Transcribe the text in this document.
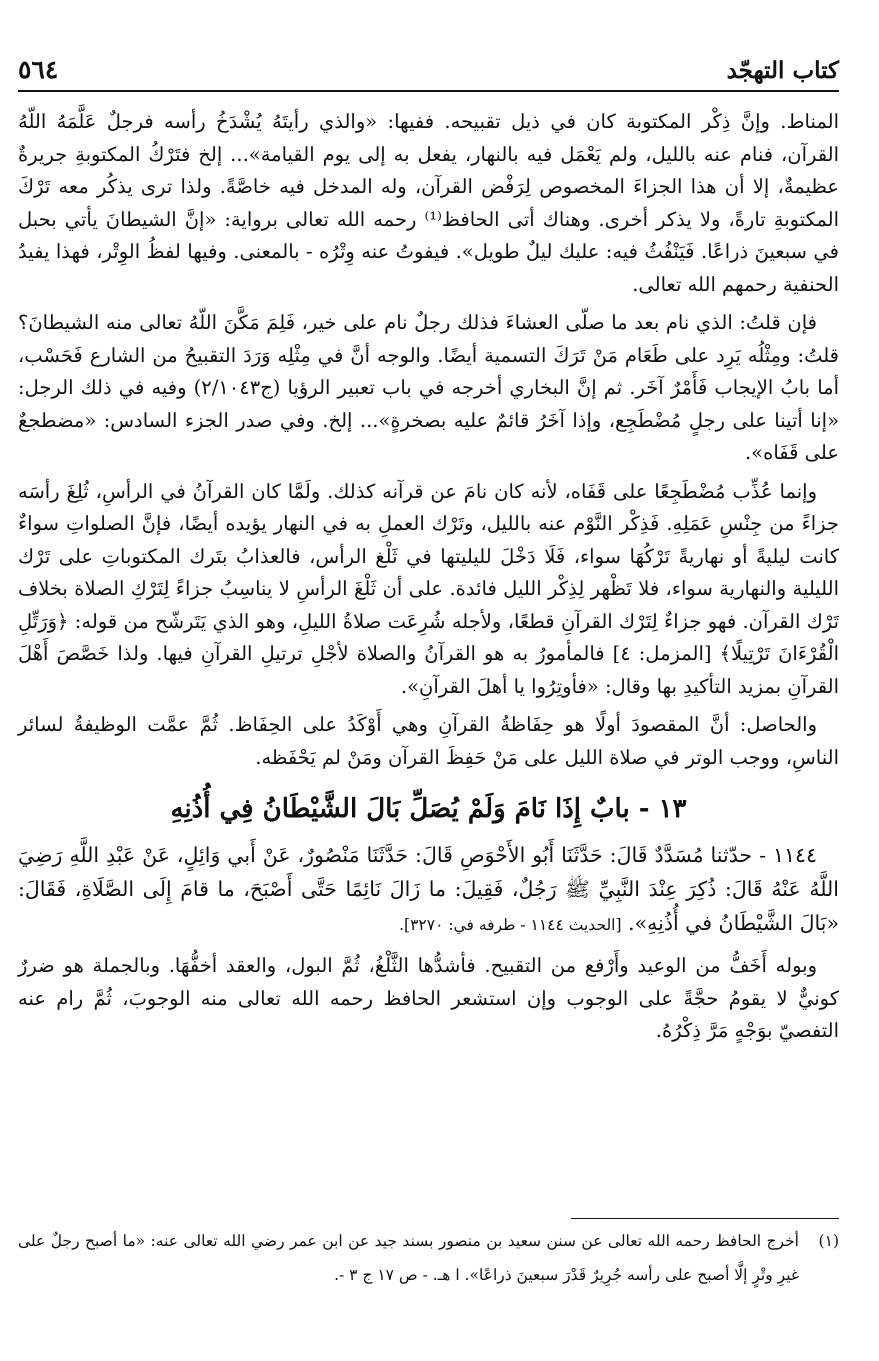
كتاب التهجّد
٥٦٤

المناط. وإنَّ ذِكْر المكتوبة كان في ذيل تقبيحه. ففيها: «والذي رأيتَهُ يُشْدَخُ رأسه فرجلٌ عَلَّمَهُ اللّهُ القرآن، فنام عنه بالليل، ولم يَعْمَل فيه بالنهار، يفعل به إلى يوم القيامة»... إلخ فتَرْكُ المكتوبةِ جريرةٌ عظيمةٌ، إلا أن هذا الجزاءَ المخصوص لِرَفْض القرآن، وله المدخل فيه خاصَّةً. ولذا ترى يذكُر معه تَرْكَ المكتوبةِ تارةً، ولا يذكر أخرى. وهناك أتى الحافظ⁽¹⁾ رحمه الله تعالى برواية: «إنَّ الشيطانَ يأتي بحبل في سبعينَ ذراعًا. فَيَنْفُثُ فيه: عليك ليلٌ طويل». فيفوتُ عنه وِتْرُه - بالمعنى. وفيها لفظُ الوِتْر، فهذا يفيدُ الحنفية رحمهم الله تعالى.

فإن قلتُ: الذي نام بعد ما صلّى العشاءَ فذلك رجلٌ نام على خير، فَلِمَ مَكَّنَ اللّهُ تعالى منه الشيطانَ؟ قلتُ: ومِثْلُه يَرِد على طَعَام مَنْ تَرَكَ التسمية أيضًا. والوجه أنَّ في مِثْلِه وَرَدَ التقبيحُ من الشارع فَحَسْب، أما بابُ الإيجاب فَأَمْرٌ آخَر. ثم إنَّ البخاري أخرجه في باب تعبير الرؤيا (ج٢/١٠٤٣) وفيه في ذلك الرجل: «إنا أتينا على رجلٍ مُضْطَجِع، وإذا آخَرُ قائمٌ عليه بصخرةٍ»... إلخ. وفي صدر الجزء السادس: «مضطجعٌ على قَفَاه».

وإنما عُذِّب مُضْطَجِعًا على قَفَاه، لأنه كان نامَ عن قرآنه كذلك. ولَمَّا كان القرآنُ في الرأسِ، ثُلِغَ رأسَه جزاءً من جِنْسِ عَمَلِهِ. فَذِكْر النَّوْم عنه بالليل، وتَرْك العملِ به في النهار يؤيده أيضًا، فإنَّ الصلواتِ سواءٌ كانت ليليةً أو نهاريةً تَرْكُهَا سواء، فَلَا دَخْلَ لليليتها في ثَلْغ الرأس، فالعذابُ بتَرك المكتوباتِ على تَرْك الليلية والنهارية سواء، فلا تَظْهر لِذِكْر الليل فائدة. على أن ثَلْغَ الرأسِ لا يناسِبُ جزاءً لِتَرْكِ الصلاة بخلاف تَرْك القرآن. فهو جزاءٌ لِتَرْك القرآنِ قطعًا، ولأجله شُرِعَت صلاةُ الليلِ، وهو الذي يَتَرشّح من قوله: ﴿وَرَتِّلِ الْقُرْءَانَ تَرْتِيلًا﴾ [المزمل: ٤] فالمأمورُ به هو القرآنُ والصلاة لأجْلِ ترتيلِ القرآنِ فيها. ولذا خَصَّصَ أَهْلَ القرآنِ بمزيد التأكيدِ بها وقال: «فأوتِرُوا يا أهلَ القرآنِ».

والحاصل: أنَّ المقصودَ أولًا هو حِفَاظةُ القرآنِ وهي أَوْكَدُ على الحِفَاظ. ثُمَّ عمَّت الوظيفةُ لسائر الناسِ، ووجب الوتر في صلاة الليل على مَنْ حَفِظَ القرآن ومَنْ لم يَحْفَظه.

١٣ - بابٌ إِذَا نَامَ وَلَمْ يُصَلِّ بَالَ الشَّيْطَانُ فِي أُذُنِهِ

١١٤٤ - حدّثنا مُسَدَّدٌ قَالَ: حَدَّثَنَا أَبُو الأَحْوَصِ قَالَ: حَدَّثَنَا مَنْصُورٌ، عَنْ أَبي وَائِلٍ، عَنْ عَبْدِ اللَّهِ رَضِيَ اللَّهُ عَنْهُ قَالَ: ذُكِرَ عِنْدَ النَّبِيِّ ﷺ رَجُلٌ، فَقِيلَ: ما زَالَ نَائِمًا حَتَّى أَصْبَحَ، ما قامَ إِلَى الصَّلَاةِ، فَقَالَ: «بَالَ الشَّيْطَانُ في أُذُنِهِ». [الحديث ١١٤٤ - طرفه في: ٣٢٧٠].

وبوله أَخَفُّ من الوعيد وأَرْفع من التقبيح. فأشدُّها الثَّلْغُ، ثُمَّ البول، والعقد أخفُّهَا. وبالجملة هو ضررٌ كونيٌّ لا يقومُ حجَّةً على الوجوب وإن استشعر الحافظ رحمه الله تعالى منه الوجوبَ، ثُمَّ رام عنه التفصيّ بوَجْهٍ مَرَّ ذِكْرُهُ.

(١)
أخرج الحافظ رحمه الله تعالى عن سنن سعيد بن منصور بسند جيد عن ابن عمر رضي الله تعالى عنه: «ما أصبح رجلٌ على غيرِ وتْرٍ إلَّا أصبح على رأسه جُرِيرٌ قَدْرَ سبعينَ ذراعًا». ا هـ. - ص ١٧ ج ٣ -.
